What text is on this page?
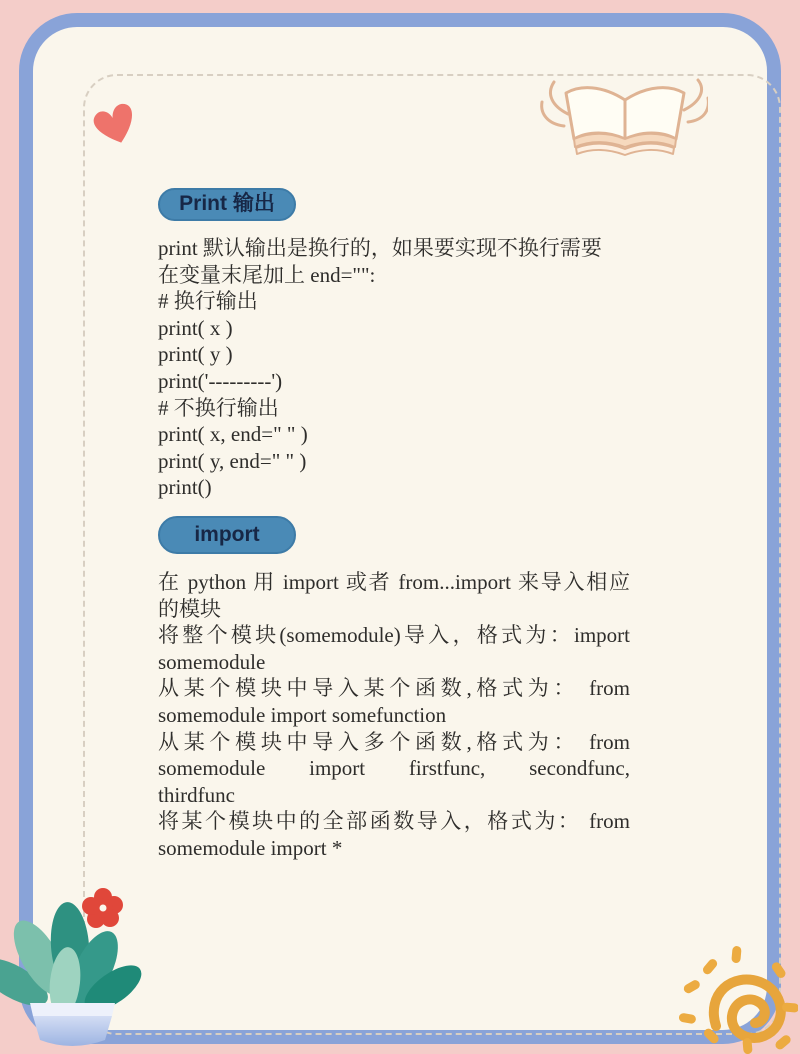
Print 输出
print 默认输出是换行的，如果要实现不换行需要
在变量末尾加上 end="":
# 换行输出
print( x )
print( y )
print('---------')
# 不换行输出
print( x, end=" " )
print( y, end=" " )
print()
import
在 python 用 import 或者 from...import 来导入相应
的模块
将整个模块(somemodule)导入，格式为：import
somemodule
从某个模块中导入某个函数,格式为： from
somemodule import somefunction
从某个模块中导入多个函数,格式为： from
somemodule import firstfunc, secondfunc,
thirdfunc
将某个模块中的全部函数导入，格式为： from
somemodule import *
